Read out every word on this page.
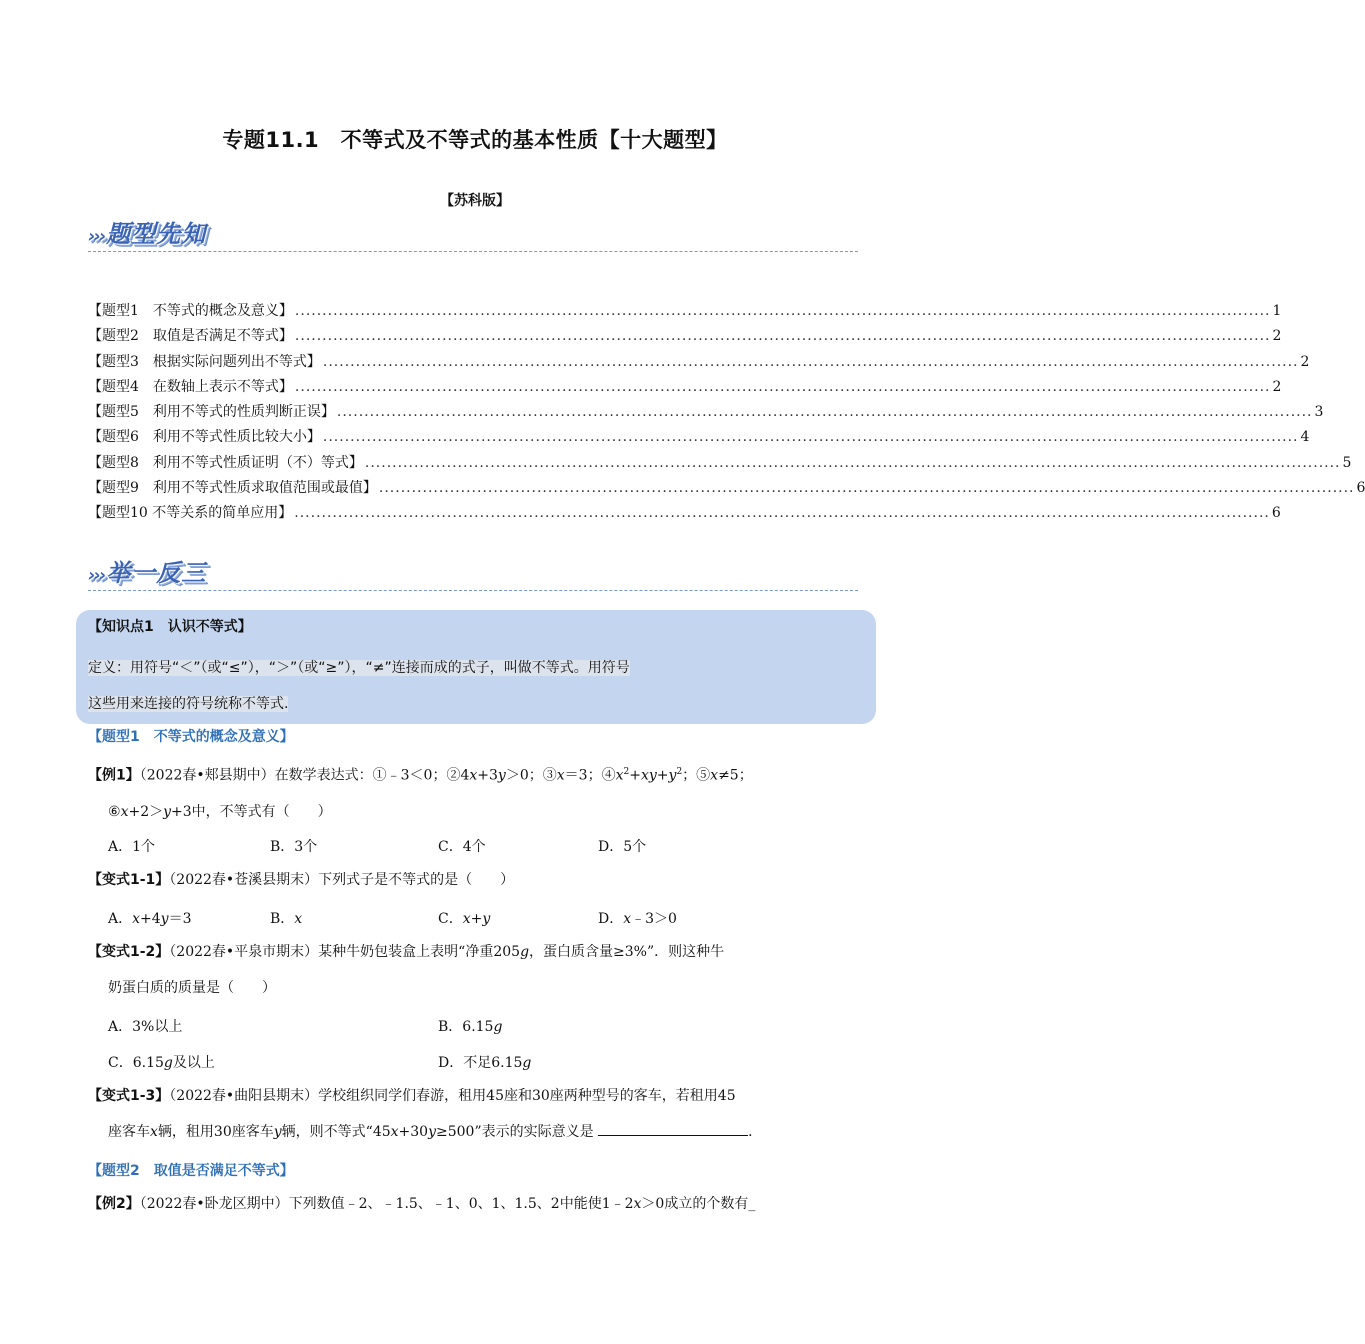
专题11.1　不等式及不等式的基本性质【十大题型】
【苏科版】
›››题型先知
【题型1　不等式的概念及意义】 ................................................................................................................................................................................... 1
【题型2　取值是否满足不等式】 ................................................................................................................................................................................... 2
【题型3　根据实际问题列出不等式】 ................................................................................................................................................................................... 2
【题型4　在数轴上表示不等式】 ................................................................................................................................................................................... 2
【题型5　利用不等式的性质判断正误】 ................................................................................................................................................................................... 3
【题型6　利用不等式性质比较大小】 ................................................................................................................................................................................... 4
【题型8　利用不等式性质证明（不）等式】 ................................................................................................................................................................................... 5
【题型9　利用不等式性质求取值范围或最值】 ................................................................................................................................................................................... 6
【题型10 不等关系的简单应用】 ................................................................................................................................................................................... 6
›››举一反三
【知识点1　认识不等式】
定义：用符号“＜”（或“≤”），“＞”（或“≥”），“≠”连接而成的式子，叫做不等式。用符号
这些用来连接的符号统称不等式.
【题型1　不等式的概念及意义】
【例1】（2022春•郏县期中）在数学表达式：①﹣3＜0；②4x+3y＞0；③x＝3；$④x^2+xy+y^2$；⑤x≠5；
⑥x+2＞y+3中，不等式有（　　）
A．1个	B．3个	C．4个	D．5个
【变式1-1】（2022春•苍溪县期末）下列式子是不等式的是（　　）
A．x+4y＝3	B．x	C．x+y	D．x﹣3＞0
【变式1-2】（2022春•平泉市期末）某种牛奶包装盒上表明“净重205g，蛋白质含量≥3%”．则这种牛
奶蛋白质的质量是（　　）
A．3%以上	B．6.15g
C．6.15g及以上	D．不足6.15g
【变式1-3】（2022春•曲阳县期末）学校组织同学们春游，租用45座和30座两种型号的客车，若租用45
座客车x辆，租用30座客车y辆，则不等式“45x+30y≥500”表示的实际意义是	．
【题型2　取值是否满足不等式】
【例2】（2022春•卧龙区期中）下列数值﹣2、﹣1.5、﹣1、0、1、1.5、2中能使1﹣2x＞0成立的个数有_
